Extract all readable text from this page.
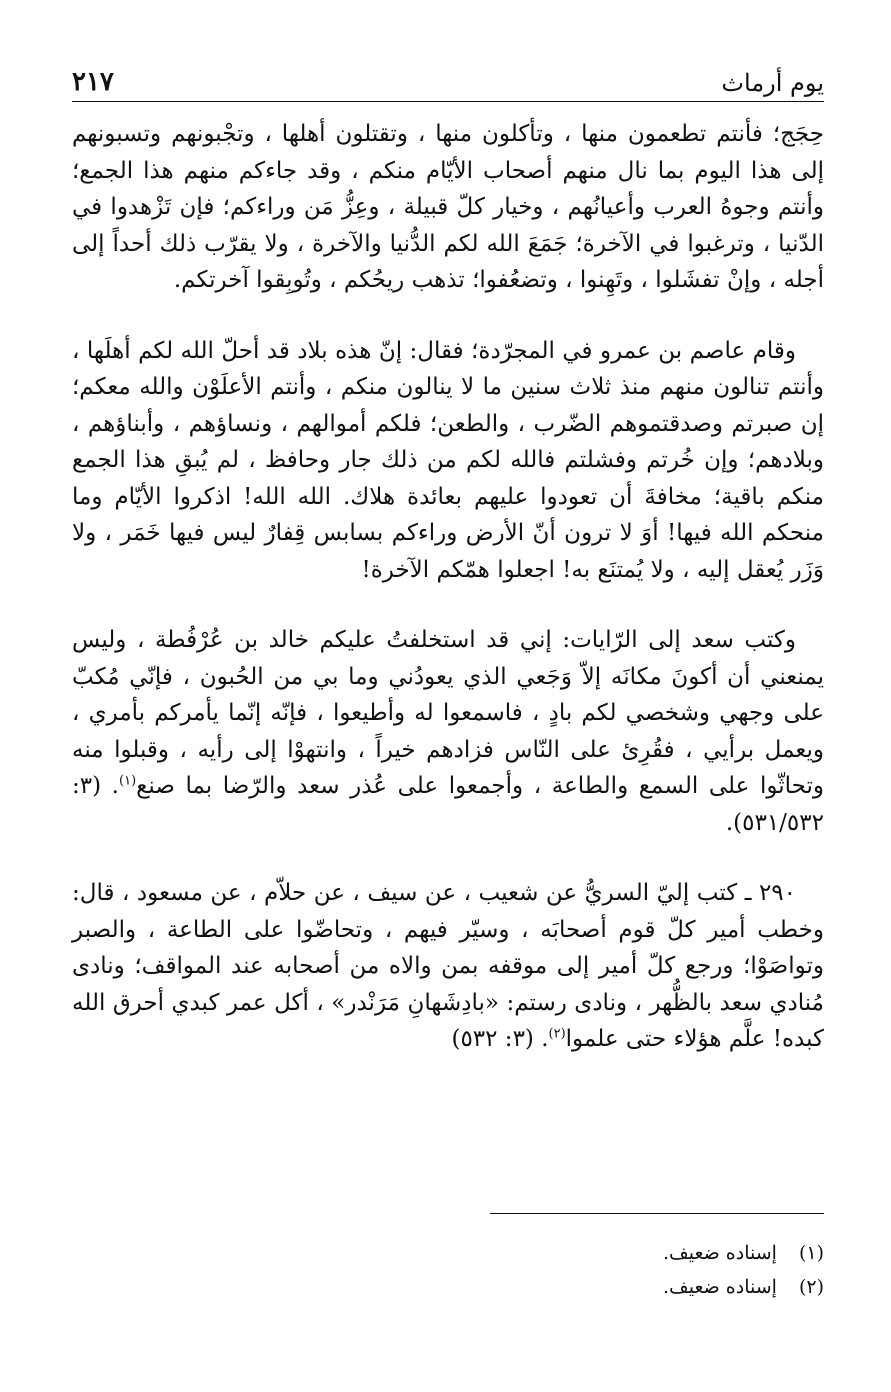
يوم أرماث
٢١٧

حِجَج؛ فأنتم تطعمون منها ، وتأكلون منها ، وتقتلون أهلها ، وتجْبونهم وتسبونهم إلى هذا اليوم بما نال منهم أصحاب الأيّام منكم ، وقد جاءكم منهم هذا الجمع؛ وأنتم وجوهُ العرب وأعيانُهم ، وخيار كلّ قبيلة ، وعِزُّ مَن وراءكم؛ فإن تَزْهدوا في الدّنيا ، وترغبوا في الآخرة؛ جَمَعَ الله لكم الدُّنيا والآخرة ، ولا يقرّب ذلك أحداً إلى أجله ، وإنْ تفشَلوا ، وتَهِنوا ، وتضعُفوا؛ تذهب ريحُكم ، وتُوبِقوا آخرتكم.

وقام عاصم بن عمرو في المجرّدة؛ فقال: إنّ هذه بلاد قد أحلّ الله لكم أهلَها ، وأنتم تنالون منهم منذ ثلاث سنين ما لا ينالون منكم ، وأنتم الأعلَوْن والله معكم؛ إن صبرتم وصدقتموهم الضّرب ، والطعن؛ فلكم أموالهم ، ونساؤهم ، وأبناؤهم ، وبلادهم؛ وإن خُرتم وفشلتم فالله لكم من ذلك جار وحافظ ، لم يُبقِ هذا الجمع منكم باقية؛ مخافةَ أن تعودوا عليهم بعائدة هلاك. الله الله! اذكروا الأيّام وما منحكم الله فيها! أوَ لا ترون أنّ الأرض وراءكم بسابس قِفارٌ ليس فيها خَمَر ، ولا وَزَر يُعقل إليه ، ولا يُمتنَع به! اجعلوا همّكم الآخرة!

وكتب سعد إلى الرّايات: إني قد استخلفتُ عليكم خالد بن عُرْفُطة ، وليس يمنعني أن أكونَ مكانَه إلاّ وَجَعي الذي يعودُني وما بي من الحُبون ، فإنّي مُكبّ على وجهي وشخصي لكم بادٍ ، فاسمعوا له وأطيعوا ، فإنّه إنّما يأمركم بأمري ، ويعمل برأيي ، فقُرِئ على النّاس فزادهم خيراً ، وانتهوْا إلى رأيه ، وقبلوا منه وتحاثّوا على السمع والطاعة ، وأجمعوا على عُذر سعد والرّضا بما صنع$^{(١)}$. (٣: ٥٣١/٥٣٢).

٢٩٠ ـ كتب إليّ السريُّ عن شعيب ، عن سيف ، عن حلاّم ، عن مسعود ، قال: وخطب أمير كلّ قوم أصحابَه ، وسيّر فيهم ، وتحاضّوا على الطاعة ، والصبر وتواصَوْا؛ ورجع كلّ أمير إلى موقفه بمن والاه من أصحابه عند المواقف؛ ونادى مُنادي سعد بالظُّهر ، ونادى رستم: «بادِشَهانِ مَرَنْدر» ، أكل عمر كبدي أحرق الله كبده! علَّم هؤلاء حتى علموا$^{(٢)}$. (٣: ٥٣٢)

(١)
إسناده ضعيف.
(٢)
إسناده ضعيف.
